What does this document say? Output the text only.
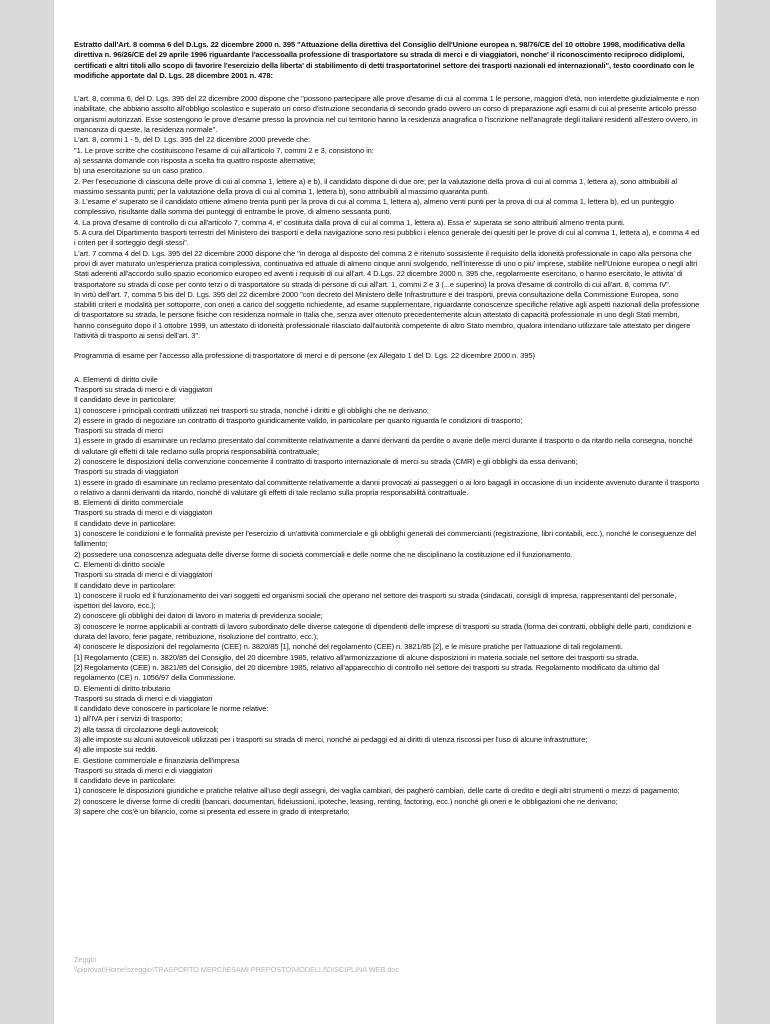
Estratto dall'Art. 8 comma 6 del D.Lgs. 22 dicembre 2000 n. 395 "Attuazione della direttiva del Consiglio dell'Unione europea n. 98/76/CE del 10 ottobre 1998, modificativa della direttiva n. 96/26/CE del 29 aprile 1996 riguardante l'accessoalla professione di trasportatore su strada di merci e di viaggiatori, nonche' il riconoscimento reciproco didiplomi, certificati e altri titoli allo scopo di favorire l'esercizio della liberta' di stabilimento di detti trasportatorinel settore dei trasporti nazionali ed internazionali", testo coordinato con le modifiche apportate dal D. Lgs. 28 dicembre 2001 n. 478:

L'art. 8, comma 6, del D. Lgs. 395 del 22 dicembre 2000 dispone che "possono partecipare alle prove d'esame di cui al comma 1 le persone, maggiori d'età, non interdette giudizialmente e non inabilitate, che abbiano assolto all'obbligo scolastico e superato un corso d'istruzione secondaria di secondo grado ovvero un corso di preparazione agli esami di cui al presente articolo presso organismi autorizzati. Esse sostengono le prove d'esame presso la provincia nel cui territorio hanno la residenza anagrafica o l'iscrizione nell'anagrafe degli italiani residenti all'estero ovvero, in mancanza di queste, la residenza normale".

L'art. 8, commi 1 - 5, del D. Lgs. 395 del 22 dicembre 2000 prevede che:

"1. Le prove scritte che costituiscono l'esame di cui all'articolo 7, commi 2 e 3, consistono in:

a) sessanta domande con risposta a scelta fra quattro risposte alternative;

b) una esercitazione su un caso pratico.

2. Per l'esecuzione di ciascuna delle prove di cui al comma 1, lettere a) e b), il candidato dispone di due ore; per la valutazione della prova di cui al comma 1, lettera a), sono attribuibili al massimo sessanta punti; per la valutazione della prova di cui al comma 1, lettera b), sono attribuibili al massimo quaranta punti.

3. L'esame e' superato se il candidato ottiene almeno trenta punti per la prova di cui al comma 1, lettera a), almeno venti punti per la prova di cui al comma 1, lettera b), ed un punteggio complessivo, risultante dalla somma dei punteggi di entrambe le prove, di almeno sessanta punti.

4. La prova d'esame di controllo di cui all'articolo 7, comma 4, e' costituita dalla prova di cui al comma 1, lettera a). Essa e' superata se sono attribuiti almeno trenta punti.

5. A cura del Dipartimento trasporti terrestri del Ministero dei trasporti e della navigazione sono resi pubblici i elenco generale dei quesiti per le prove di cui al comma 1, lettera a), e comma 4 ed i criteri per il sorteggio degli stessi".

L'art. 7 comma 4 del D. Lgs. 395 del 22 dicembre 2000 dispone che "in deroga al disposto del comma 2 è ritenuto sussistente il requisito della idoneità professionale in capo alla persona che provi di aver maturato un'esperienza pratica complessiva, continuativa ed attuale di almeno cinque anni svolgendo, nell'interesse di uno o piu' imprese, stabilite nell'Unione europea o negli altri Stati aderenti all'accordo sullo spazio economico europeo ed aventi i requisiti di cui all'art. 4 D.Lgs. 22 dicembre 2000 n. 395 che, regolarmente esercitano, o hanno esercitato, le attivita' di trasportatore su strada di cose per conto terzi o di trasportatore su strada di persone di cui all'art. 1, commi 2 e 3 (...e superino) la prova d'esame di controllo di cui all'art. 8, comma IV".

In virtù dell'art. 7, comma 5 bis del D. Lgs. 395 del 22 dicembre 2000 "con decreto del Ministero delle Infrastrutture e dei trasporti, previa consultazione della Commissione Europea, sono stabiliti criteri e modalità per sottoporre, con oneri a carico del soggetto richiedente, ad esame supplementare, riguardante conoscenze specifiche relative agli aspetti nazionali della professione di trasportatore su strada, le persone fisiche con residenza normale in Italia che, senza aver ottenuto precedentemente alcun attestato di capacità professionale in uno degli Stati membri, hanno conseguito dopo il 1 ottobre 1999, un attestato di idoneità professionale rilasciato dall'autorità competente di altro Stato membro, qualora intendano utilizzare tale attestato per dirigere l'attività di trasporto ai sensi dell'art. 3".

Programma di esame per l'accesso alla professione di trasportatore di merci e di persone (ex Allegato 1 del D. Lgs. 22 dicembre 2000 n. 395)

A. Elementi di diritto civile

Trasporti su strada di merci e di viaggiatori

Il candidato deve in particolare:

1) conoscere i principali contratti utilizzati nei trasporti su strada, nonché i diritti e gli obblighi che ne derivano;

2) essere in grado di negoziare un contratto di trasporto giuridicamente valido, in particolare per quanto riguarda le condizioni di trasporto;

Trasporti su strada di merci

1) essere in grado di esaminare un reclamo presentato dal committente relativamente a danni derivanti da perdite o avarie delle merci durante il trasporto o da ritardo nella consegna, nonché di valutare gli effetti di tale reclamo sulla propria responsabilità contrattuale;

2) conoscere le disposizioni della convenzione concernente il contratto di trasporto internazionale di merci su strada (CMR) e gli obblighi da essa derivanti;

Trasporti su strada di viaggiatori

1) essere in grado di esaminare un reclamo presentato dal committente relativamente a danni provocati ai passeggeri o ai loro bagagli in occasione di un incidente avvenuto durante il trasporto o relativo a danni derivanti da ritardo, nonché di valutare gli effetti di tale reclamo sulla propria responsabilità contrattuale.

B. Elementi di diritto commerciale

Trasporti su strada di merci e di viaggiatori

Il candidato deve in particolare:

1) conoscere le condizioni e le formalità previste per l'esercizio di un'attività commerciale e gli obblighi generali dei commercianti (registrazione, libri contabili, ecc.), nonché le conseguenze del fallimento;

2) possedere una conoscenza adeguata delle diverse forme di società commerciali e delle norme che ne disciplinano la costituzione ed il funzionamento.

C. Elementi di diritto sociale

Trasporti su strada di merci e di viaggiatori

Il candidato deve in particolare:

1) conoscere il ruolo ed il funzionamento dei vari soggetti ed organismi sociali che operano nel settore dei trasporti su strada (sindacati, consigli di impresa, rappresentanti del personale, ispettori del lavoro, ecc.);

2) conoscere gli obblighi dei datori di lavoro in materia di previdenza sociale;

3) conoscere le norme applicabili ai contratti di lavoro subordinato delle diverse categorie di dipendenti delle imprese di trasporti su strada (forma dei contratti, obblighi delle parti, condizioni e durata del lavoro, ferie pagate, retribuzione, risoluzione del contratto, ecc.);

4) conoscere le disposizioni del regolamento (CEE) n. 3820/85 [1], nonché del regolamento (CEE) n. 3821/85 [2], e le misure pratiche per l'attuazione di tali regolamenti.

[1] Regolamento (CEE) n. 3820/85 del Consiglio, del 20 dicembre 1985, relativo all'armonizzazione di alcune disposizioni in materia sociale nel settore dei trasporti su strada.

[2] Regolamento (CEE) n. 3821/85 del Consiglio, del 20 dicembre 1985, relativo all'apparecchio di controllo nel settore dei trasporti su strada. Regolamento modificato da ultimo dal regolamento (CE) n. 1056/97 della Commissione.

D. Elementi di diritto tributario

Trasporti su strada di merci e di viaggiatori

Il candidato deve conoscere in particolare le norme relative:

1) all'IVA per i servizi di trasporto;

2) alla tassa di circolazione degli autoveicoli;

3) alle imposte su alcuni autoveicoli utilizzati per i trasporti su strada di merci, nonché ai pedaggi ed ai diritti di utenza riscossi per l'uso di alcune infrastrutture;

4) alle imposte sui redditi.

E. Gestione commerciale e finanziaria dell'impresa

Trasporti su strada di merci e di viaggiatori

Il candidato deve in particolare:

1) conoscere le disposizioni giuridiche e pratiche relative all'uso degli assegni, dei vaglia cambiari, dei pagherò cambiari, delle carte di credito e degli altri strumenti o mezzi di pagamento;

2) conoscere le diverse forme di crediti (bancari, documentari, fideiussioni, ipoteche, leasing, renting, factoring, ecc.) nonché gli oneri e le obbligazioni che ne derivano;

3) sapere che cos'è un bilancio, come si presenta ed essere in grado di interpretarlo;

Zeggio

\\piprovat\Home\szeggio\TRASPORTO MERCI\ESAMI PREPOSTO\MODELLI\DISCIPLINA WEB.doc
